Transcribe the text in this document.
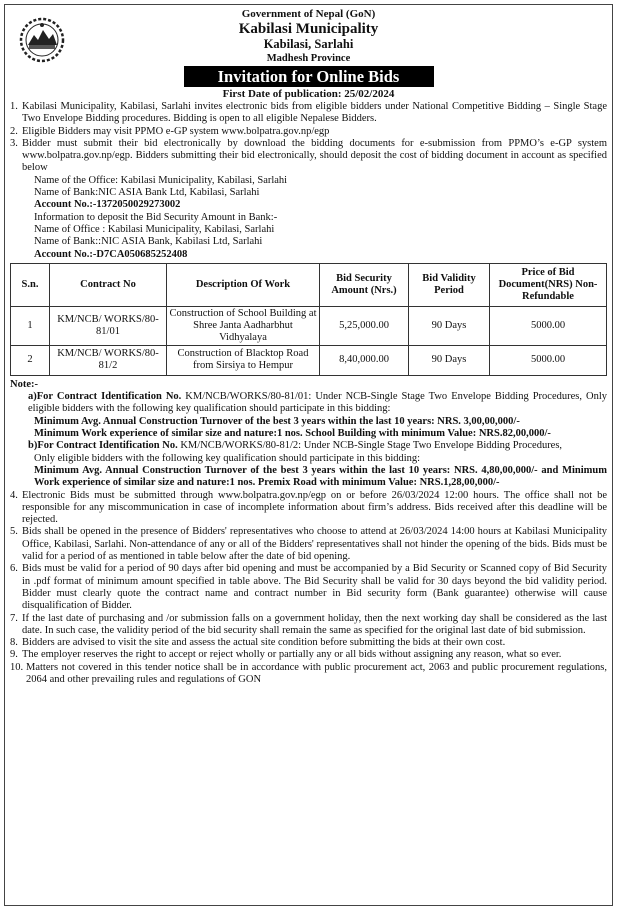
Government of Nepal (GoN)
Kabilasi Municipality
Kabilasi, Sarlahi
Madhesh Province
Invitation for Online Bids
First Date of publication: 25/02/2024
1. Kabilasi Municipality, Kabilasi, Sarlahi invites electronic bids from eligible bidders under National Competitive Bidding – Single Stage Two Envelope Bidding procedures. Bidding is open to all eligible Nepalese Bidders.
2. Eligible Bidders may visit PPMO e-GP system www.bolpatra.gov.np/egp
3. Bidder must submit their bid electronically by download the bidding documents for e-submission from PPMO’s e-GP system www.bolpatra.gov.np/egp. Bidders submitting their bid electronically, should deposit the cost of bidding document in account as specified below
Name of the Office: Kabilasi Municipality, Kabilasi, Sarlahi
Name of Bank:NIC ASIA Bank Ltd, Kabilasi, Sarlahi
Account No.:-1372050029273002
Information to deposit the Bid Security Amount in Bank:-
Name of Office : Kabilasi Municipality, Kabilasi, Sarlahi
Name of Bank::NIC ASIA Bank, Kabilasi Ltd, Sarlahi
Account No.:-D7CA050685252408
S.n.	Contract No	Description Of Work	Bid Security Amount (Nrs.)	Bid Validity Period	Price of Bid Document(NRS) Non-Refundable
1	KM/NCB/ WORKS/80-81/01	Construction of School Building at Shree Janta Aadharbhut Vidhyalaya	5,25,000.00	90 Days	5000.00
2	KM/NCB/ WORKS/80-81/2	Construction of Blacktop Road from Sirsiya to Hempur	8,40,000.00	90 Days	5000.00
Note:-
a)For Contract Identification No. KM/NCB/WORKS/80-81/01: Under NCB-Single Stage Two Envelope Bidding Procedures, Only eligible bidders with the following key qualification should participate in this bidding:
Minimum Avg. Annual Construction Turnover of the best 3 years within the last 10 years: NRS. 3,00,00,000/-
Minimum Work experience of similar size and nature:1 nos. School Building with minimum Value: NRS.82,00,000/-
b)For Contract Identification No. KM/NCB/WORKS/80-81/2: Under NCB-Single Stage Two Envelope Bidding Procedures,
Only eligible bidders with the following key qualification should participate in this bidding:
Minimum Avg. Annual Construction Turnover of the best 3 years within the last 10 years: NRS. 4,80,00,000/- and Minimum Work experience of similar size and nature:1 nos. Premix Road with minimum Value: NRS.1,28,00,000/-
4. Electronic Bids must be submitted through www.bolpatra.gov.np/egp on or before 26/03/2024 12:00 hours. The office shall not be responsible for any miscommunication in case of incomplete information about firm’s address. Bids received after this deadline will be rejected.
5. Bids shall be opened in the presence of Bidders' representatives who choose to attend at 26/03/2024 14:00 hours at Kabilasi Municipality Office, Kabilasi, Sarlahi. Non-attendance of any or all of the Bidders' representatives shall not hinder the opening of the bids. Bids must be valid for a period of as mentioned in table below after the date of bid opening.
6. Bids must be valid for a period of 90 days after bid opening and must be accompanied by a Bid Security or Scanned copy of Bid Security in .pdf format of minimum amount specified in table above. The Bid Security shall be valid for 30 days beyond the bid validity period. Bidder must clearly quote the contract name and contract number in Bid security form (Bank guarantee) otherwise will cause disqualification of Bidder.
7. If the last date of purchasing and /or submission falls on a government holiday, then the next working day shall be considered as the last date. In such case, the validity period of the bid security shall remain the same as specified for the original last date of bid submission.
8. Bidders are advised to visit the site and assess the actual site condition before submitting the bids at their own cost.
9. The employer reserves the right to accept or reject wholly or partially any or all bids without assigning any reason, what so ever.
10. Matters not covered in this tender notice shall be in accordance with public procurement act, 2063 and public procurement regulations, 2064 and other prevailing rules and regulations of GON
